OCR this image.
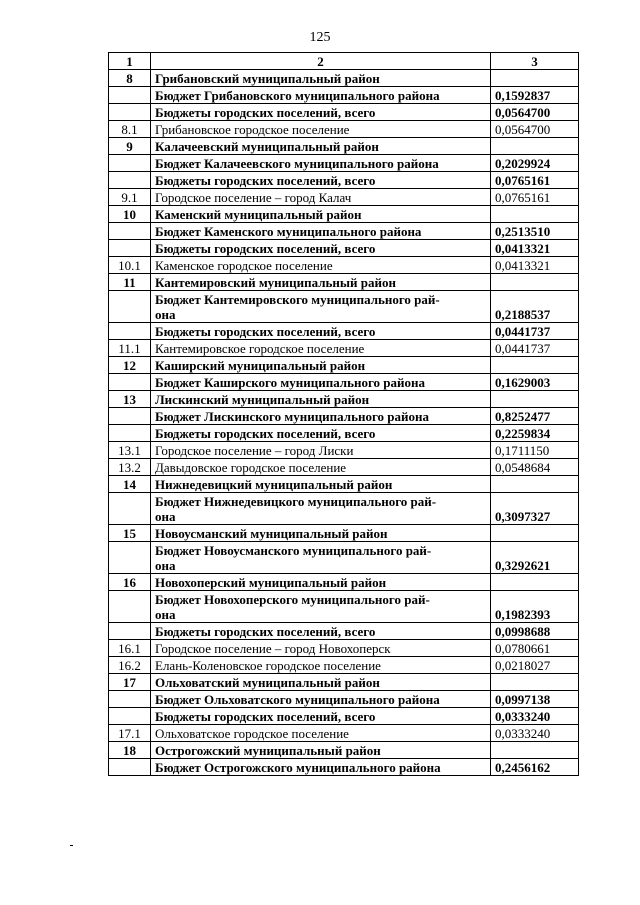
125
1	2	3
8	Грибановский муниципальный район	
	Бюджет Грибановского муниципального района	0,1592837
	Бюджеты городских поселений, всего	0,0564700
8.1	Грибановское городское поселение	0,0564700
9	Калачеевский муниципальный район	
	Бюджет Калачеевского муниципального района	0,2029924
	Бюджеты городских поселений, всего	0,0765161
9.1	Городское поселение – город Калач	0,0765161
10	Каменский муниципальный район	
	Бюджет Каменского муниципального района	0,2513510
	Бюджеты городских поселений, всего	0,0413321
10.1	Каменское городское поселение	0,0413321
11	Кантемировский муниципальный район	

	Бюджет Кантемировского муниципального рай-
она	0,2188537
	Бюджеты городских поселений, всего	0,0441737
11.1	Кантемировское городское поселение	0,0441737
12	Каширский муниципальный район	
	Бюджет Каширского муниципального района	0,1629003
13	Лискинский муниципальный район	
	Бюджет Лискинского муниципального района	0,8252477
	Бюджеты городских поселений, всего	0,2259834
13.1	Городское поселение – город Лиски	0,1711150
13.2	Давыдовское городское поселение	0,0548684
14	Нижнедевицкий муниципальный район	

	Бюджет Нижнедевицкого муниципального рай-
она	0,3097327
15	Новоусманский муниципальный район	

	Бюджет Новоусманского муниципального рай-
она	0,3292621
16	Новохоперский муниципальный район	

	Бюджет Новохоперского муниципального рай-
она	0,1982393
	Бюджеты городских поселений, всего	0,0998688
16.1	Городское поселение – город Новохоперск	0,0780661
16.2	Елань-Коленовское городское поселение	0,0218027
17	Ольховатский муниципальный район	
	Бюджет Ольховатского муниципального района	0,0997138
	Бюджеты городских поселений, всего	0,0333240
17.1	Ольховатское городское поселение	0,0333240
18	Острогожский муниципальный район	
	Бюджет Острогожского муниципального района	0,2456162
